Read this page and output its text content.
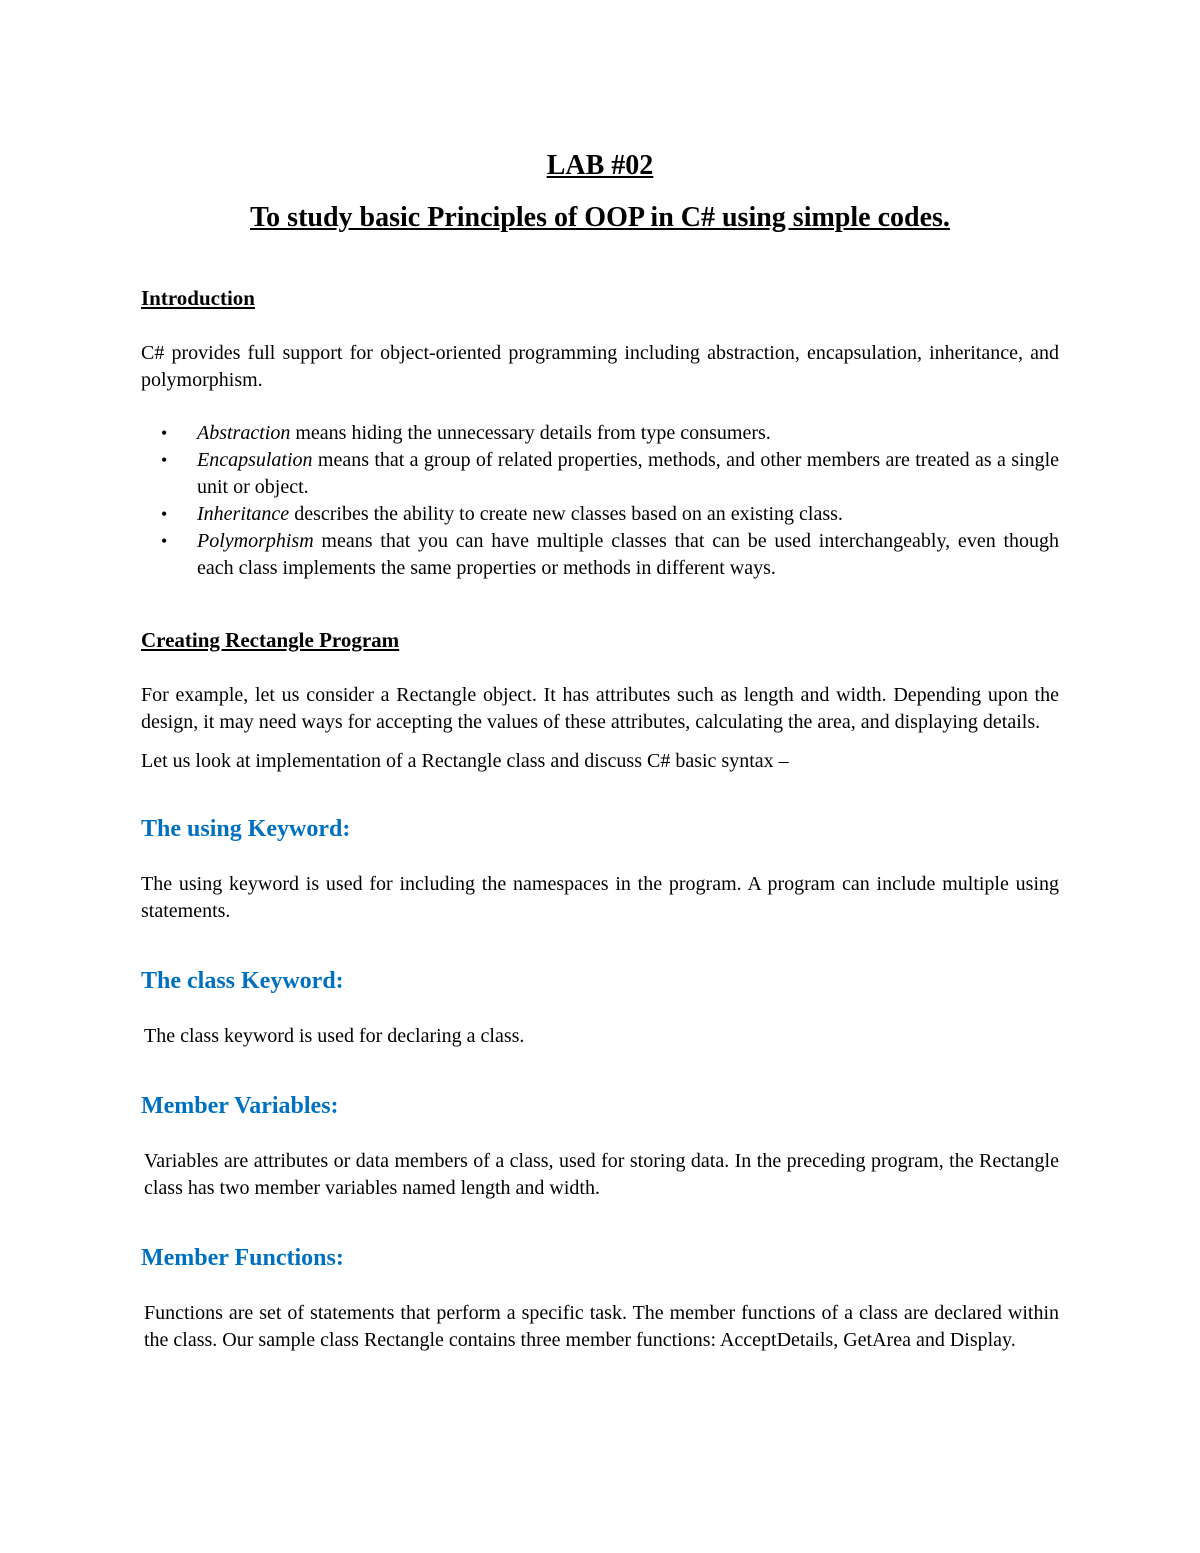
LAB #02
To study basic Principles of OOP in C# using simple codes.
Introduction

C# provides full support for object-oriented programming including abstraction, encapsulation, inheritance, and polymorphism.

• Abstraction means hiding the unnecessary details from type consumers.
• Encapsulation means that a group of related properties, methods, and other members are treated as a single unit or object.
• Inheritance describes the ability to create new classes based on an existing class.
• Polymorphism means that you can have multiple classes that can be used interchangeably, even though each class implements the same properties or methods in different ways.
Creating Rectangle Program

For example, let us consider a Rectangle object. It has attributes such as length and width. Depending upon the design, it may need ways for accepting the values of these attributes, calculating the area, and displaying details.

Let us look at implementation of a Rectangle class and discuss C# basic syntax –

The using Keyword:

The using keyword is used for including the namespaces in the program. A program can include multiple using statements.

The class Keyword:

The class keyword is used for declaring a class.

Member Variables:

Variables are attributes or data members of a class, used for storing data. In the preceding program, the Rectangle class has two member variables named length and width.

Member Functions:

Functions are set of statements that perform a specific task. The member functions of a class are declared within the class. Our sample class Rectangle contains three member functions: AcceptDetails, GetArea and Display.
